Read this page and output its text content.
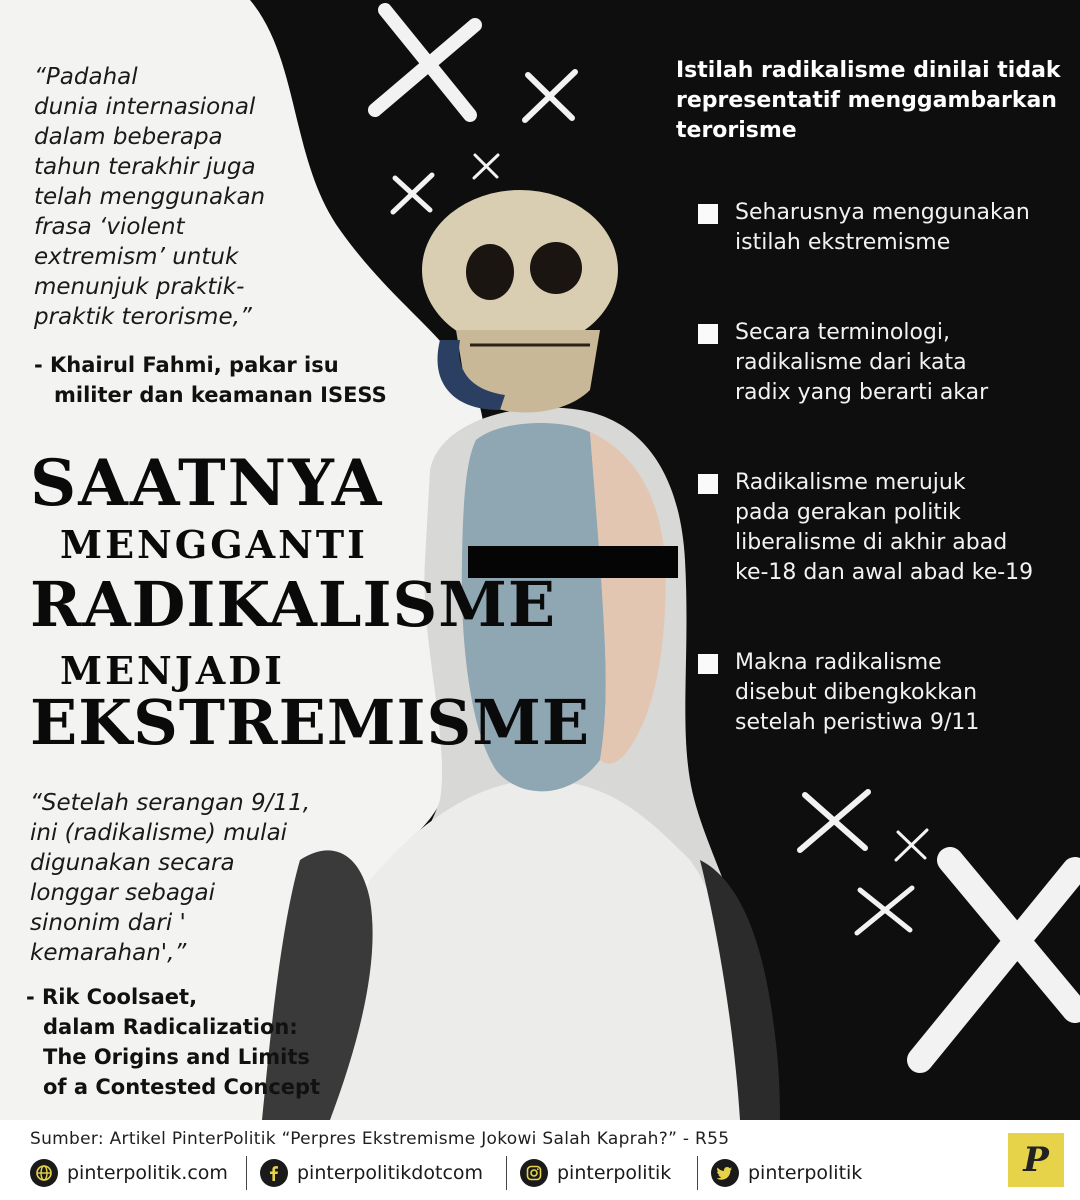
“Padahal
dunia internasional
dalam beberapa
tahun terakhir juga
telah menggunakan
frasa ‘violent
extremism’ untuk
menunjuk praktik-
praktik terorisme,”
- Khairul Fahmi, pakar isu
militer dan keamanan ISESS
SAATNYA
MENGGANTI
RADIKALISME
MENJADI
EKSTREMISME
“Setelah serangan 9/11,
ini (radikalisme) mulai
digunakan secara
longgar sebagai
sinonim dari '
kemarahan',”
- Rik Coolsaet,
dalam Radicalization:
The Origins and Limits
of a Contested Concept
Istilah radikalisme dinilai tidak
representatif menggambarkan
terorisme
Seharusnya menggunakan
istilah ekstremisme
Secara terminologi,
radikalisme dari kata
radix yang berarti akar
Radikalisme merujuk
pada gerakan politik
liberalisme di akhir abad
ke-18 dan awal abad ke-19
Makna radikalisme
disebut dibengkokkan
setelah peristiwa 9/11
Sumber: Artikel PinterPolitik “Perpres Ekstremisme Jokowi Salah Kaprah?” - R55
pinterpolitik.com	pinterpolitikdotcom	pinterpolitik	pinterpolitik	P
